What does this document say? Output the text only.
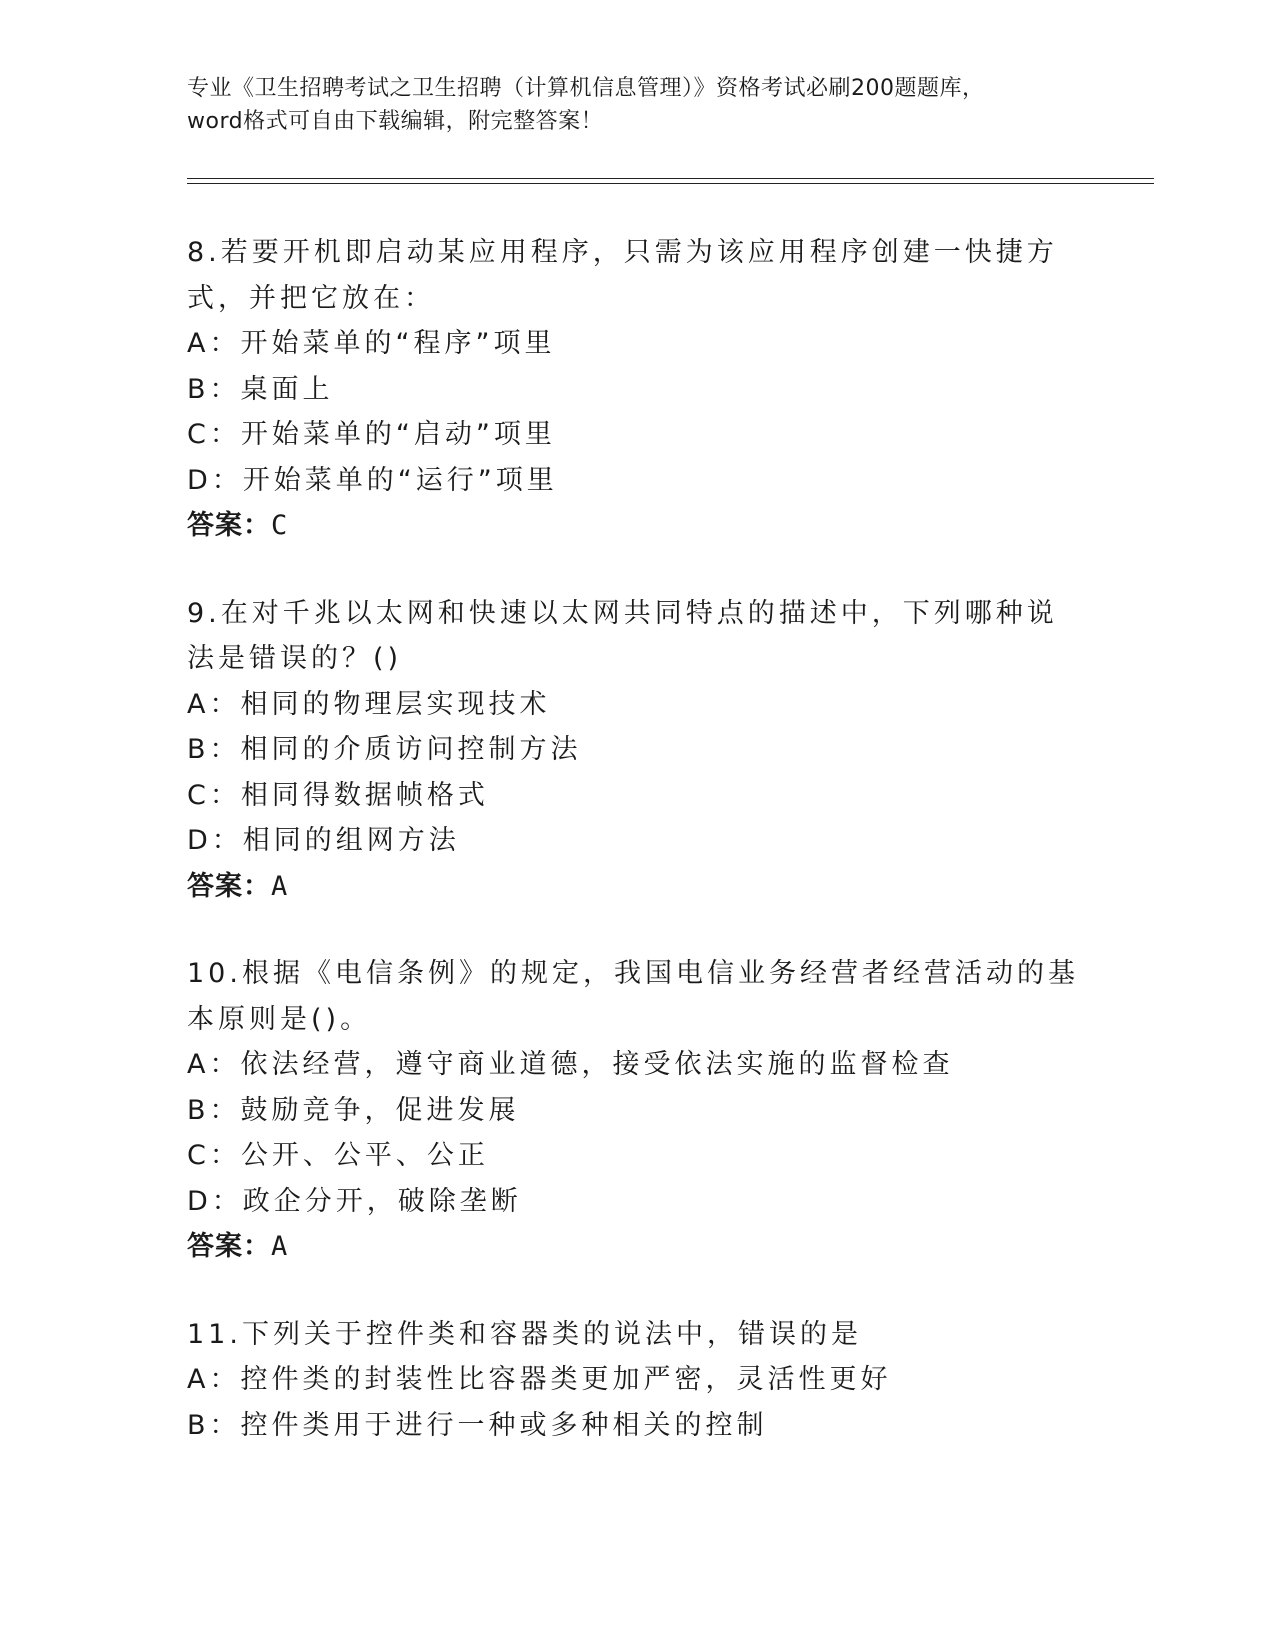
专业《卫生招聘考试之卫生招聘（计算机信息管理）》资格考试必刷200题题库，
word格式可自由下载编辑，附完整答案！

8.若要开机即启动某应用程序，只需为该应用程序创建一快捷方式，并把它放在：

A：开始菜单的“程序”项里

B：桌面上

C：开始菜单的“启动”项里

D：开始菜单的“运行”项里

答案：C

9.在对千兆以太网和快速以太网共同特点的描述中，下列哪种说法是错误的？()

A：相同的物理层实现技术

B：相同的介质访问控制方法

C：相同得数据帧格式

D：相同的组网方法

答案：A

10.根据《电信条例》的规定，我国电信业务经营者经营活动的基本原则是()。

A：依法经营，遵守商业道德，接受依法实施的监督检查

B：鼓励竞争，促进发展

C：公开、公平、公正

D：政企分开，破除垄断

答案：A

11.下列关于控件类和容器类的说法中，错误的是

A：控件类的封装性比容器类更加严密，灵活性更好

B：控件类用于进行一种或多种相关的控制
